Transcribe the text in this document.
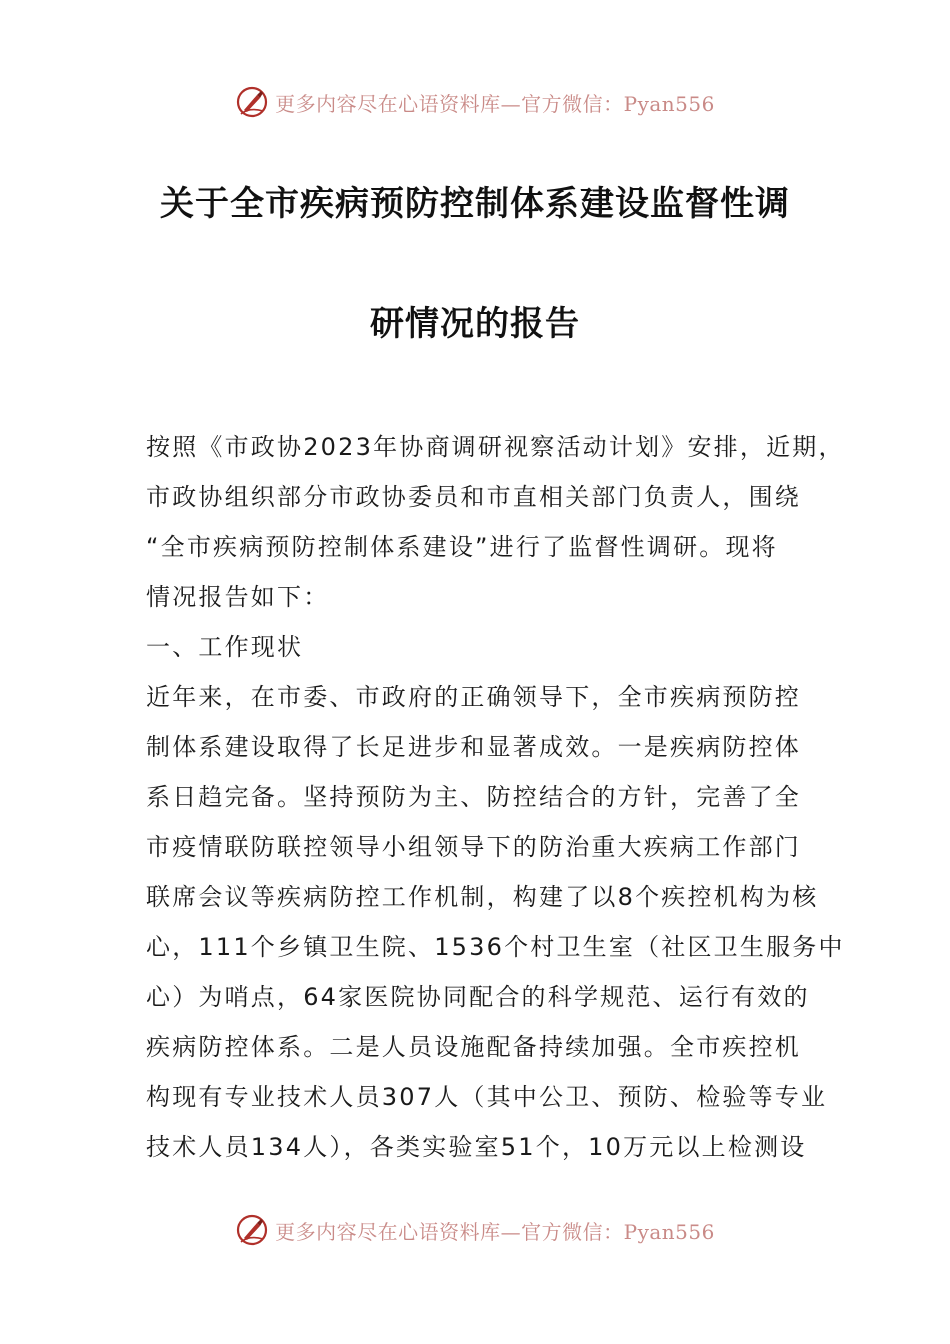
更多内容尽在心语资料库—官方微信：Pyan556
关于全市疾病预防控制体系建设监督性调
研情况的报告
按照《市政协2023年协商调研视察活动计划》安排，近期，
市政协组织部分市政协委员和市直相关部门负责人，围绕
“全市疾病预防控制体系建设”进行了监督性调研。现将
情况报告如下：
一、工作现状
近年来，在市委、市政府的正确领导下，全市疾病预防控
制体系建设取得了长足进步和显著成效。一是疾病防控体
系日趋完备。坚持预防为主、防控结合的方针，完善了全
市疫情联防联控领导小组领导下的防治重大疾病工作部门
联席会议等疾病防控工作机制，构建了以8个疾控机构为核
心，111个乡镇卫生院、1536个村卫生室（社区卫生服务中
心）为哨点，64家医院协同配合的科学规范、运行有效的
疾病防控体系。二是人员设施配备持续加强。全市疾控机
构现有专业技术人员307人（其中公卫、预防、检验等专业
技术人员134人），各类实验室51个，10万元以上检测设
更多内容尽在心语资料库—官方微信：Pyan556
